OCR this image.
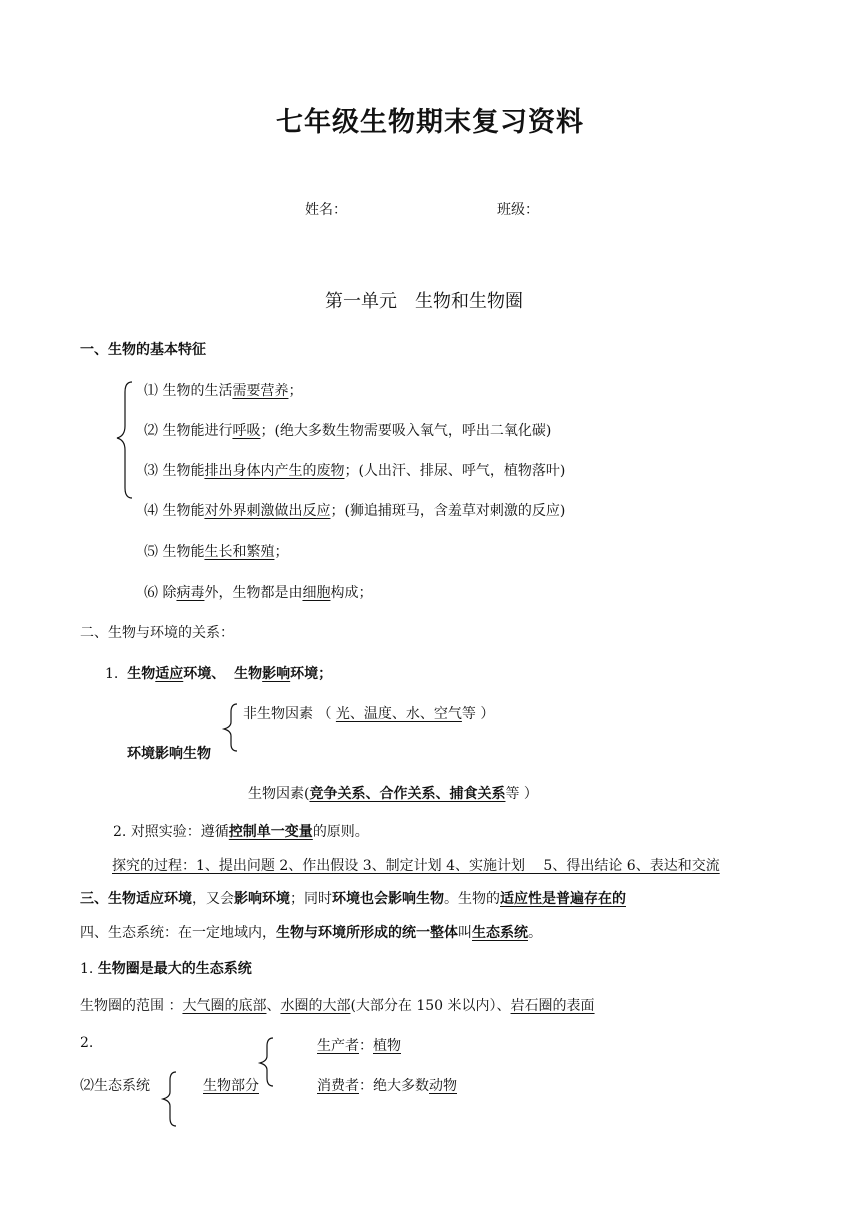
七年级生物期末复习资料
姓名：	班级：
第一单元　生物和生物圈
一、生物的基本特征
⑴ 生物的生活需要营养；
⑵ 生物能进行呼吸；(绝大多数生物需要吸入氧气，呼出二氧化碳)
⑶ 生物能排出身体内产生的废物；(人出汗、排尿、呼气，植物落叶)
⑷ 生物能对外界刺激做出反应；(狮追捕斑马，含羞草对刺激的反应)
⑸ 生物能生长和繁殖；
⑹ 除病毒外，生物都是由细胞构成；
二、生物与环境的关系：
1. 生物适应环境、 生物影响环境；
非生物因素 （ 光、温度、水、空气等 ）
环境影响生物
生物因素(竞争关系、合作关系、捕食关系等 ）
2. 对照实验：遵循控制单一变量的原则。
探究的过程：1、提出问题 2、作出假设 3、制定计划 4、实施计划　 5、得出结论 6、表达和交流
三、生物适应环境，又会影响环境；同时环境也会影响生物。生物的适应性是普遍存在的
四、生态系统：在一定地域内，生物与环境所形成的统一整体叫生态系统。
1. 生物圈是最大的生态系统
生物圈的范围 ：大气圈的底部、水圈的大部(大部分在 150 米以内）、岩石圈的表面
2.	生产者：植物
⑵生态系统	生物部分	消费者：绝大多数动物
